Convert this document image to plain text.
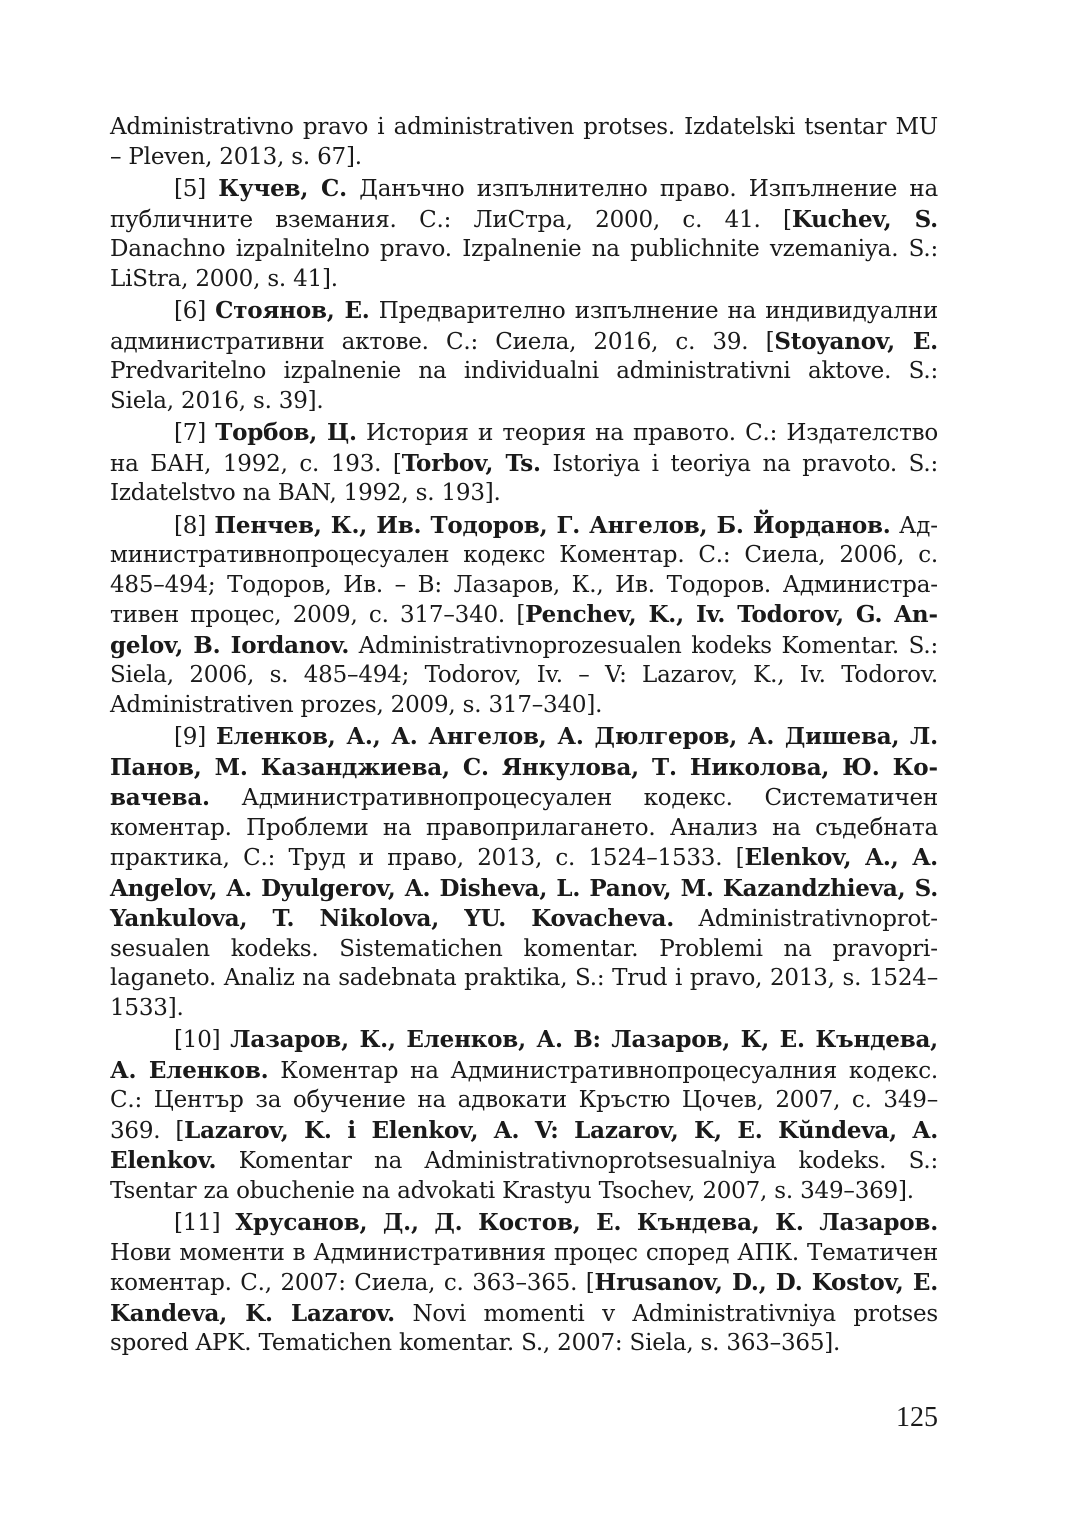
Administrativno pravo i administrativen protses. Izdatelski tsentar MU – Pleven, 2013, s. 67].

[5] Кучев, С. Данъчно изпълнително право. Изпълнение на публичните вземания. С.: ЛиСтра, 2000, с. 41. [Kuchev, S. Danachno izpalnitelno pravo. Izpalnenie na publichnite vzemaniya. S.: LiStra, 2000, s. 41].

[6] Стоянов, Е. Предварително изпълнение на индивидуални административни актове. С.: Сиела, 2016, с. 39. [Stoyanov, E. Predvaritelno izpalnenie na individualni administrativni aktove. S.: Siela, 2016, s. 39].

[7] Торбов, Ц. История и теория на правото. С.: Издателство на БАН, 1992, с. 193. [Torbov, Ts. Istoriya i teoriya na pravoto. S.: Izdatelstvo na BAN, 1992, s. 193].

[8] Пенчев, К., Ив. Тодоров, Г. Ангелов, Б. Йорданов. Административнопроцесуален кодекс Коментар. С.: Сиела, 2006, с. 485–494; Тодоров, Ив. – В: Лазаров, К., Ив. Тодоров. Административен процес, 2009, с. 317–340. [Penchev, K., Iv. Todorov, G. Angelov, B. Iordanov. Administrativnoprozesualen kodeks Komentar. S.: Siela, 2006, s. 485–494; Todorov, Iv. – V: Lazarov, K., Iv. Todorov. Administrativen prozes, 2009, s. 317–340].

[9] Еленков, А., А. Ангелов, А. Дюлгеров, А. Дишева, Л. Панов, М. Казанджиева, С. Янкулова, Т. Николова, Ю. Ковачева. Административнопроцесуален кодекс. Систематичен коментар. Проблеми на правоприлагането. Анализ на съдебната практика, С.: Труд и право, 2013, с. 1524–1533. [Elenkov, A., A. Angelov, A. Dyulgerov, A. Disheva, L. Panov, M. Kazandzhieva, S. Yankulova, T. Nikolova, YU. Kovacheva. Administrativnoprotsesualen kodeks. Sistematichen komentar. Problemi na pravoprilaganeto. Analiz na sadebnata praktika, S.: Trud i pravo, 2013, s. 1524–1533].

[10] Лазаров, К., Еленков, А. В: Лазаров, К, Е. Къндева, А. Еленков. Коментар на Административнопроцесуалния кодекс. С.: Център за обучение на адвокати Кръстю Цочев, 2007, с. 349–369. [Lazarov, K. i Elenkov, A. V: Lazarov, K, E. Kŭndeva, A. Elenkov. Komentar na Administrativnoprotsesualniya kodeks. S.: Tsentar za obuchenie na advokati Krastyu Tsochev, 2007, s. 349–369].

[11] Хрусанов, Д., Д. Костов, Е. Къндева, К. Лазаров. Нови моменти в Административния процес според АПК. Тематичен коментар. С., 2007: Сиела, с. 363–365. [Hrusanov, D., D. Kostov, E. Kandeva, K. Lazarov. Novi momenti v Administrativniya protses spored APK. Tematichen komentar. S., 2007: Siela, s. 363–365].

125
